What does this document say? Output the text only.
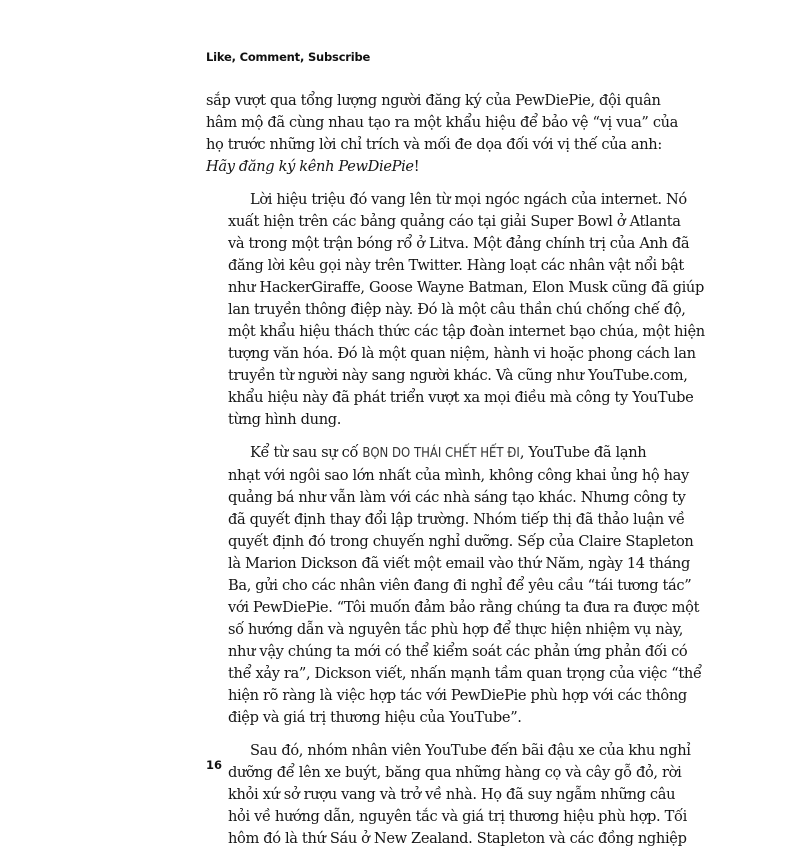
Like, Comment, Subscribe
sắp vượt qua tổng lượng người đăng ký của PewDiePie, đội quân
hâm mộ đã cùng nhau tạo ra một khẩu hiệu để bảo vệ “vị vua” của
họ trước những lời chỉ trích và mối đe dọa đối với vị thế của anh:
Hãy đăng ký kênh PewDiePie!
Lời hiệu triệu đó vang lên từ mọi ngóc ngách của internet. Nó
xuất hiện trên các bảng quảng cáo tại giải Super Bowl ở Atlanta
và trong một trận bóng rổ ở Litva. Một đảng chính trị của Anh đã
đăng lời kêu gọi này trên Twitter. Hàng loạt các nhân vật nổi bật
như HackerGiraffe, Goose Wayne Batman, Elon Musk cũng đã giúp
lan truyền thông điệp này. Đó là một câu thần chú chống chế độ,
một khẩu hiệu thách thức các tập đoàn internet bạo chúa, một hiện
tượng văn hóa. Đó là một quan niệm, hành vi hoặc phong cách lan
truyền từ người này sang người khác. Và cũng như YouTube.com,
khẩu hiệu này đã phát triển vượt xa mọi điều mà công ty YouTube
từng hình dung.
Kể từ sau sự cố BỌN DO THÁI CHẾT HẾT ĐI, YouTube đã lạnh
nhạt với ngôi sao lớn nhất của mình, không công khai ủng hộ hay
quảng bá như vẫn làm với các nhà sáng tạo khác. Nhưng công ty
đã quyết định thay đổi lập trường. Nhóm tiếp thị đã thảo luận về
quyết định đó trong chuyến nghỉ dưỡng. Sếp của Claire Stapleton
là Marion Dickson đã viết một email vào thứ Năm, ngày 14 tháng
Ba, gửi cho các nhân viên đang đi nghỉ để yêu cầu “tái tương tác”
với PewDiePie. “Tôi muốn đảm bảo rằng chúng ta đưa ra được một
số hướng dẫn và nguyên tắc phù hợp để thực hiện nhiệm vụ này,
như vậy chúng ta mới có thể kiểm soát các phản ứng phản đối có
thể xảy ra”, Dickson viết, nhấn mạnh tầm quan trọng của việc “thể
hiện rõ ràng là việc hợp tác với PewDiePie phù hợp với các thông
điệp và giá trị thương hiệu của YouTube”.
Sau đó, nhóm nhân viên YouTube đến bãi đậu xe của khu nghỉ
dưỡng để lên xe buýt, băng qua những hàng cọ và cây gỗ đỏ, rời
khỏi xứ sở rượu vang và trở về nhà. Họ đã suy ngẫm những câu
hỏi về hướng dẫn, nguyên tắc và giá trị thương hiệu phù hợp. Tối
hôm đó là thứ Sáu ở New Zealand. Stapleton và các đồng nghiệp
16
